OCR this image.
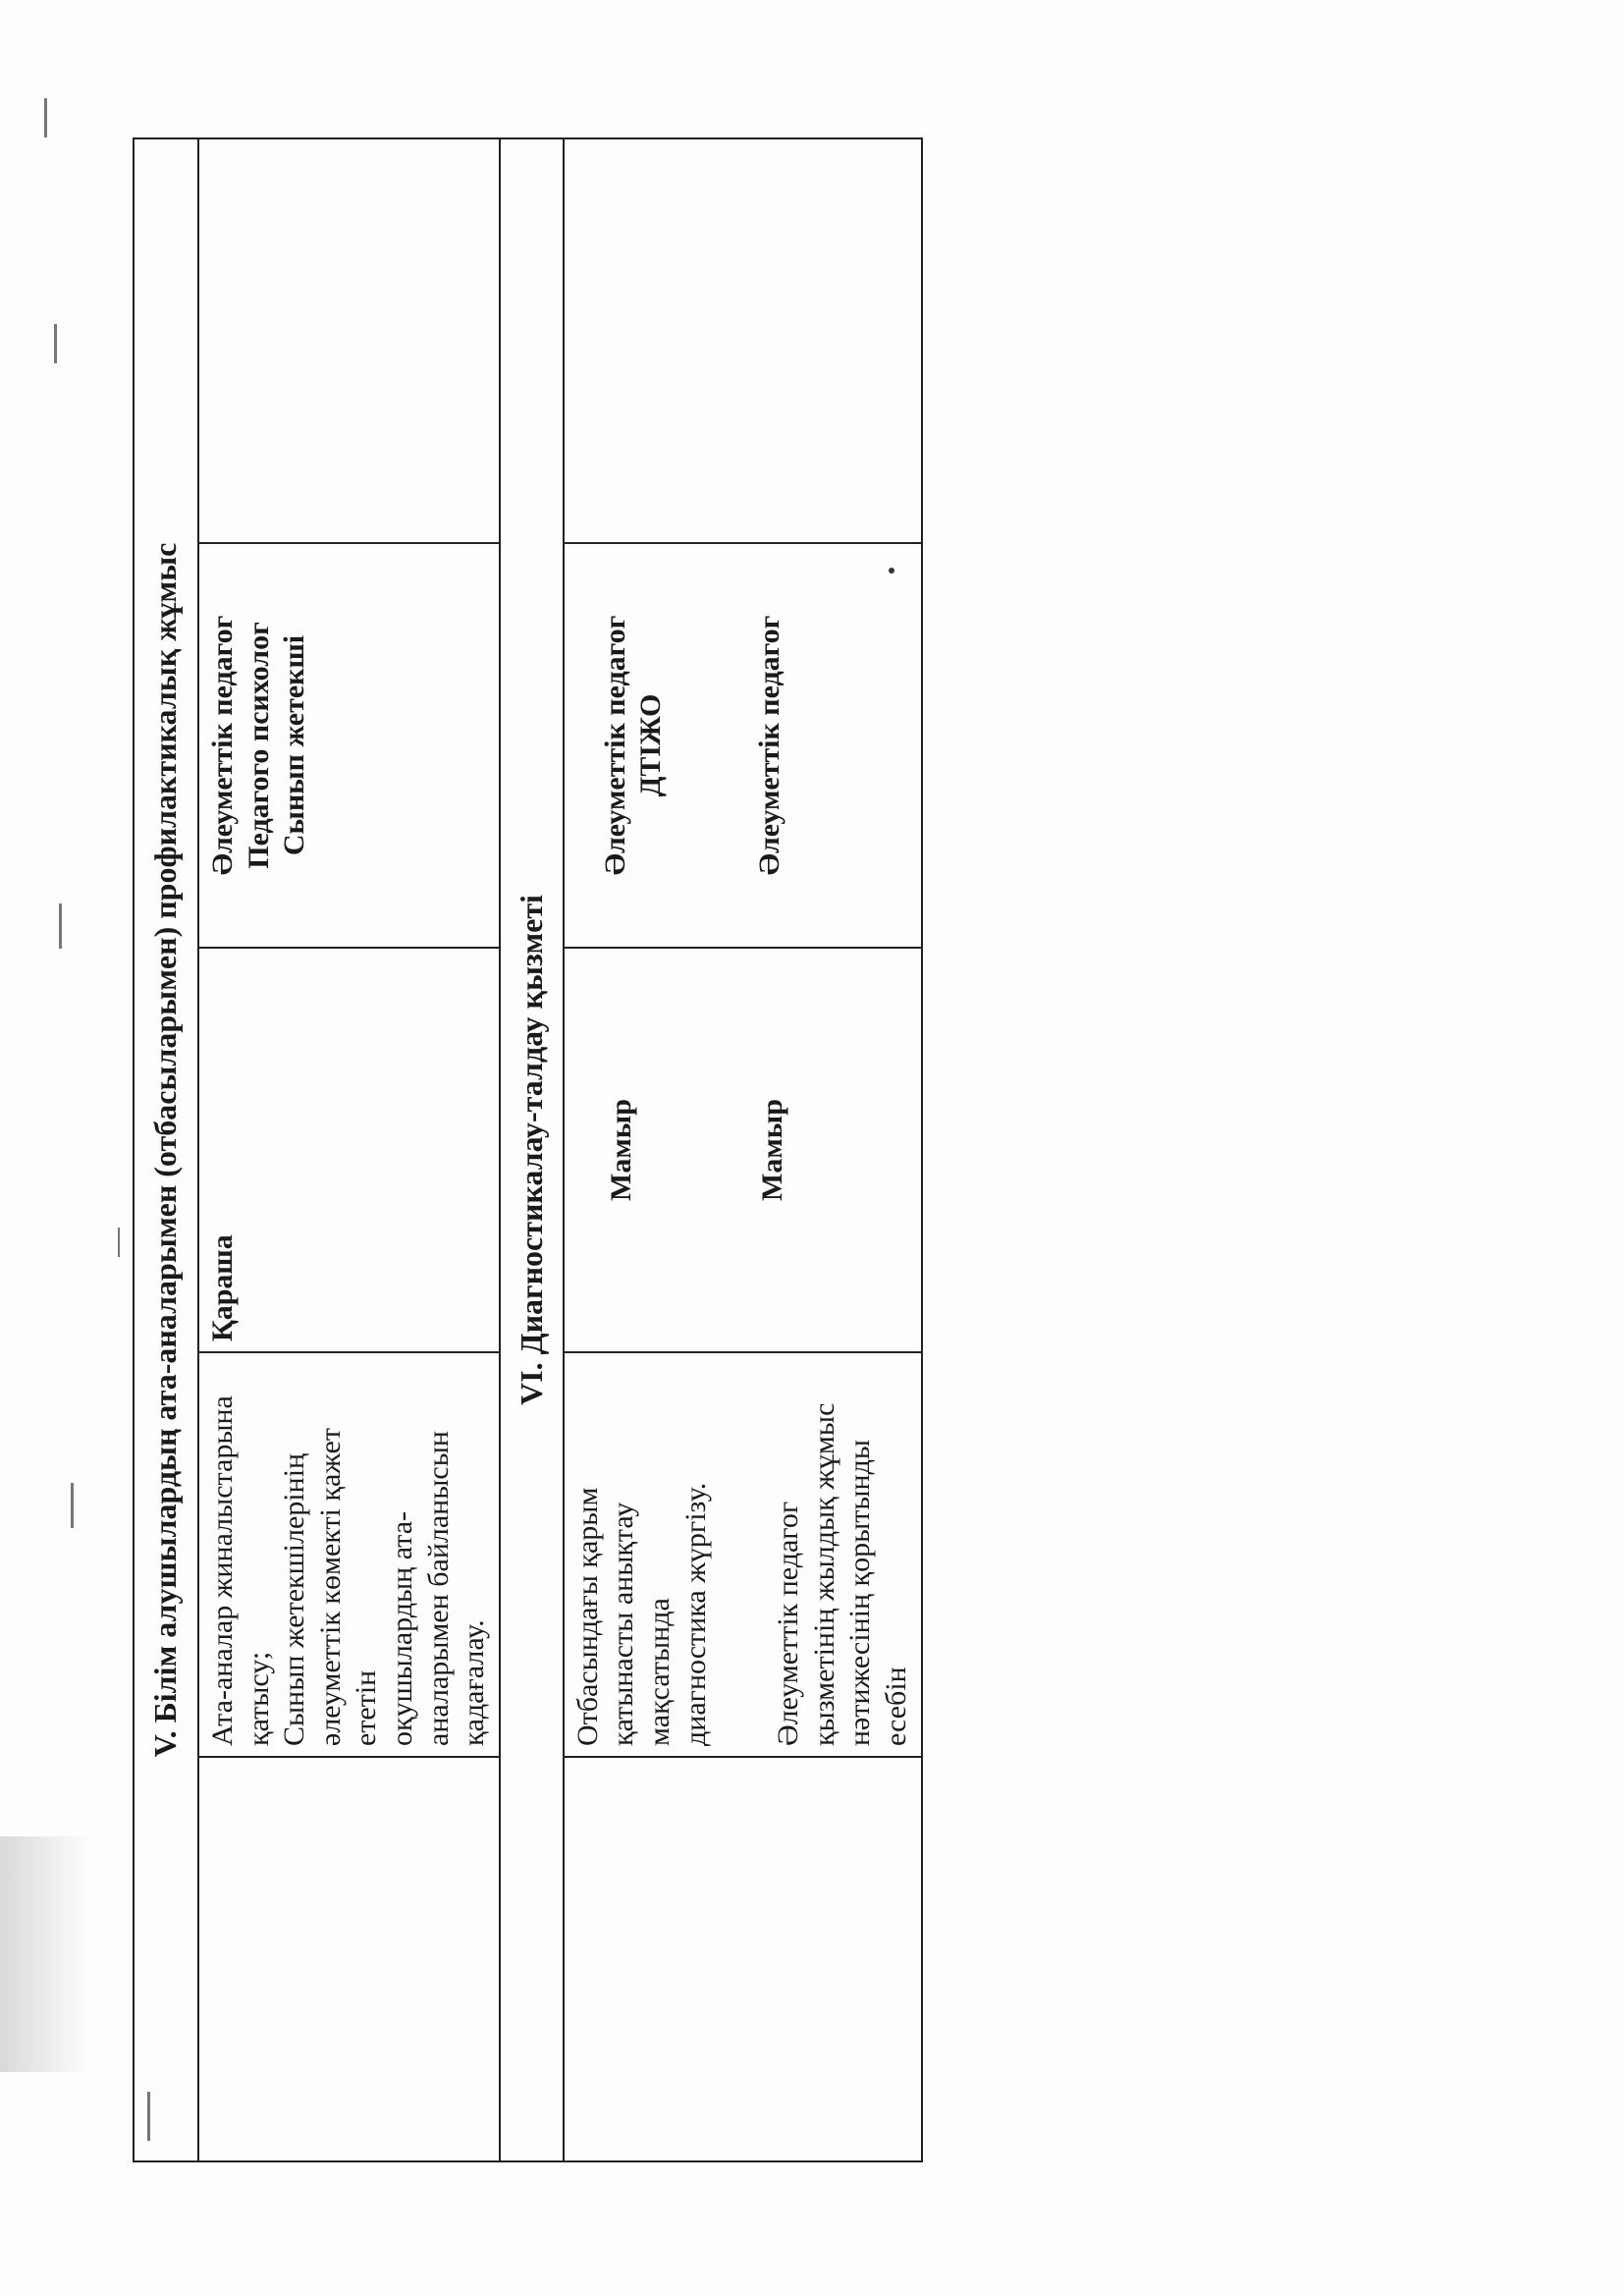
V. Білім алушылардың ата-аналарымен (отбасыларымен) профилактикалық жұмыс				

	Ата-аналар жиналыстарына қатысу; Сынып жетекшілерінің әлеуметтік көмекті қажет ететін оқушылардың ата-аналарымен байланысын қадағалау.	Қараша	Әлеуметтік педагог Педагого психолог Сынып жетекші	

VI. Диагностикалау-талдау қызметі				

	Отбасындағы қарым қатынасты анықтау мақсатында диагностика жүргізу. Әлеуметтік педагог қызметінің жылдық жұмыс нәтижесінің қорытынды есебін	Мамыр Мамыр	Әлеуметтік педагог ДТІЖО Әлеуметтік педагог	
